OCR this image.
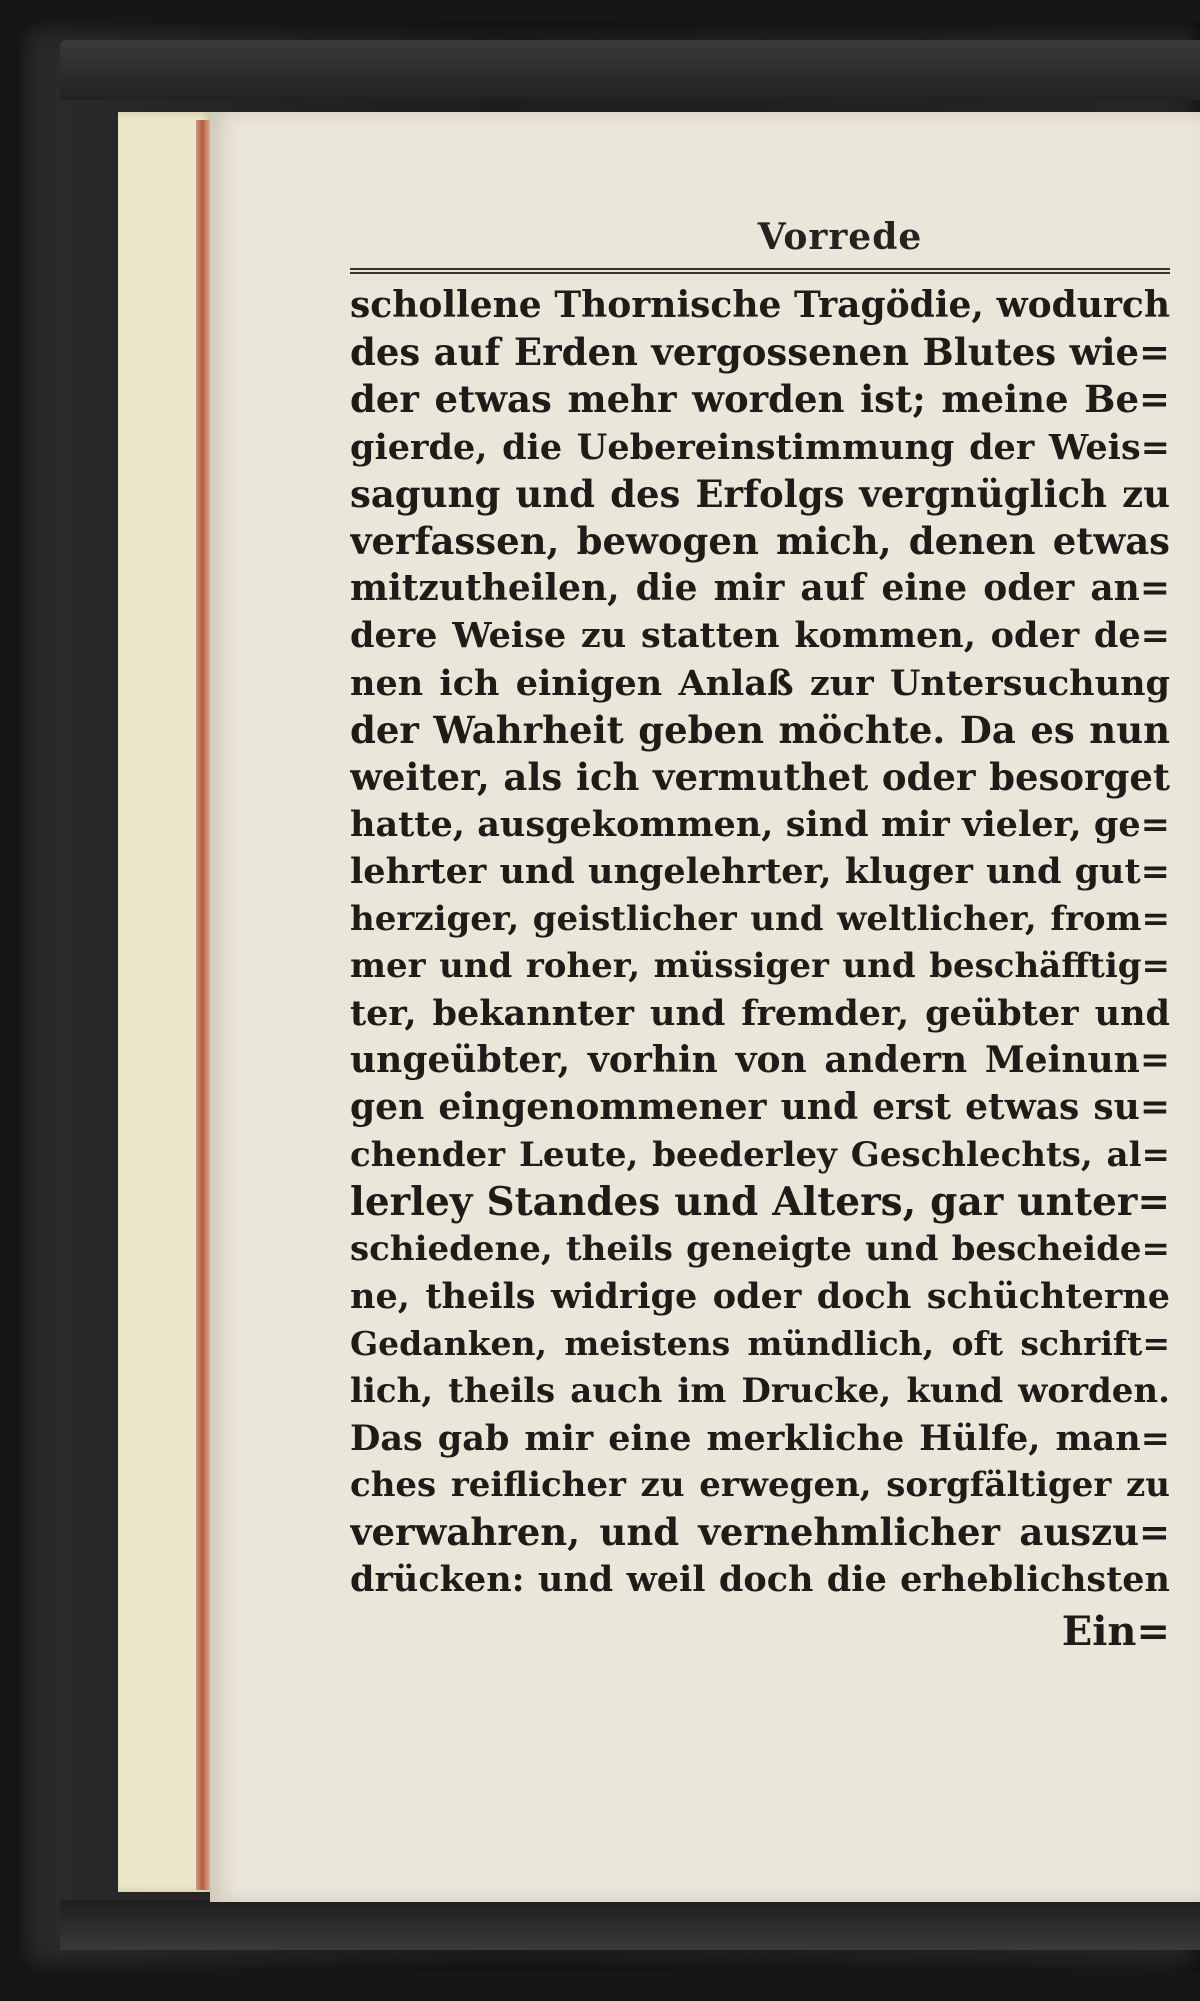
Vorrede
schollene Thornische Tragödie, wodurch
des auf Erden vergossenen Blutes wie=
der etwas mehr worden ist; meine Be=
gierde, die Uebereinstimmung der Weis=
sagung und des Erfolgs vergnüglich zu
verfassen, bewogen mich, denen etwas
mitzutheilen, die mir auf eine oder an=
dere Weise zu statten kommen, oder de=
nen ich einigen Anlaß zur Untersuchung
der Wahrheit geben möchte. Da es nun
weiter, als ich vermuthet oder besorget
hatte, ausgekommen, sind mir vieler, ge=
lehrter und ungelehrter, kluger und gut=
herziger, geistlicher und weltlicher, from=
mer und roher, müssiger und beschäfftig=
ter, bekannter und fremder, geübter und
ungeübter, vorhin von andern Meinun=
gen eingenommener und erst etwas su=
chender Leute, beederley Geschlechts, al=
lerley Standes und Alters, gar unter=
schiedene, theils geneigte und bescheide=
ne, theils widrige oder doch schüchterne
Gedanken, meistens mündlich, oft schrift=
lich, theils auch im Drucke, kund worden.
Das gab mir eine merkliche Hülfe, man=
ches reiflicher zu erwegen, sorgfältiger zu
verwahren, und vernehmlicher auszu=
drücken: und weil doch die erheblichsten
Ein=
